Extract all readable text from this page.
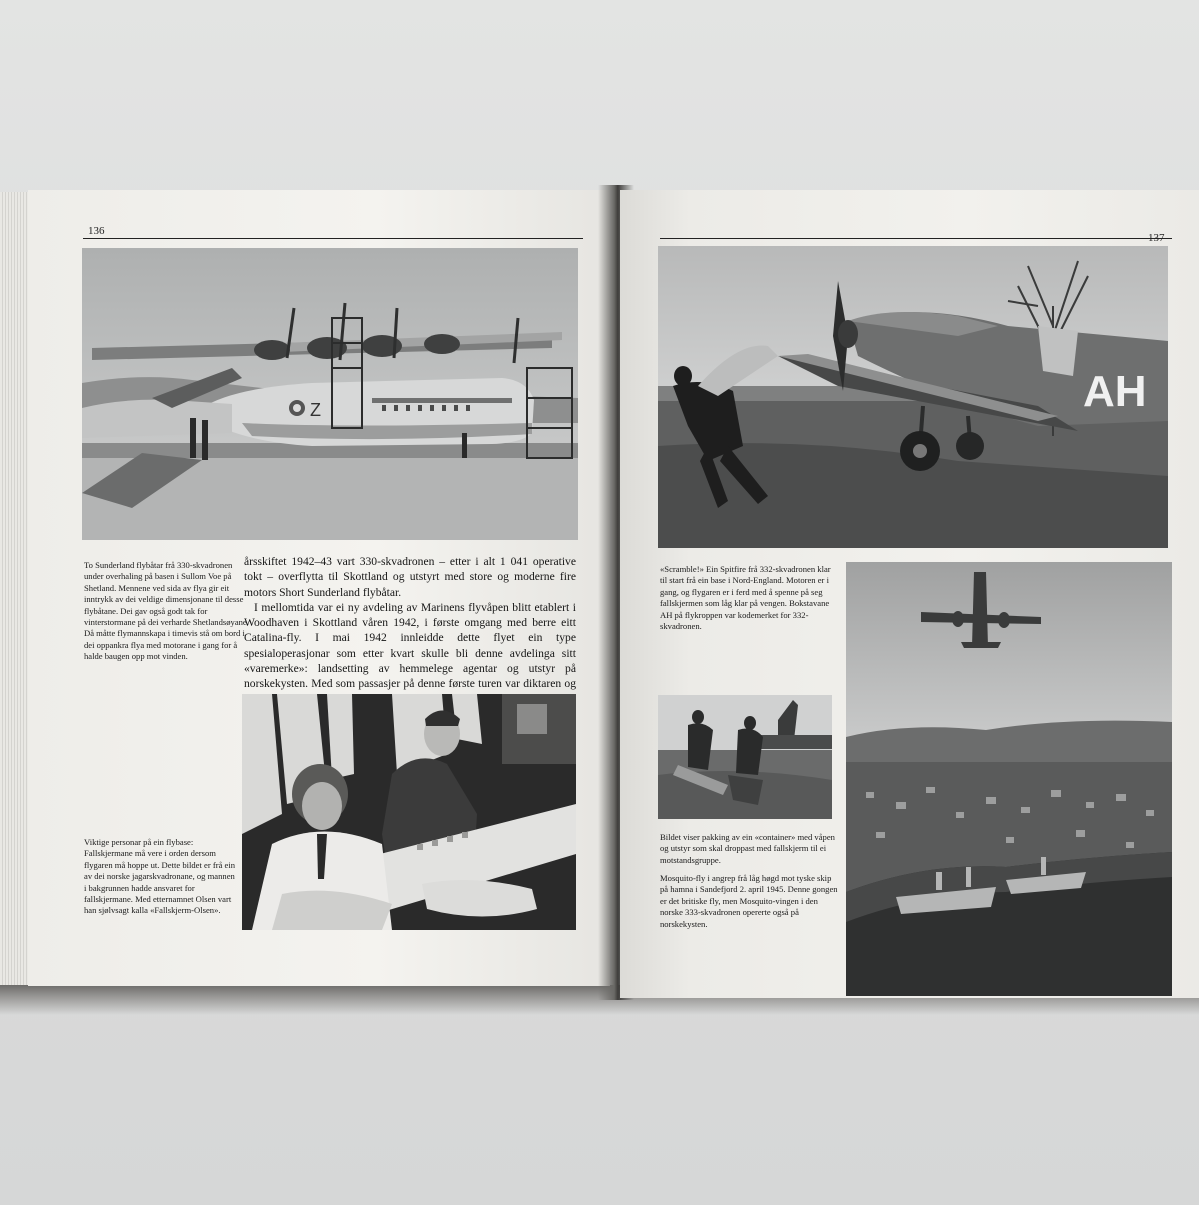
136
Z

To Sunderland flybåtar frå 330-skvadronen under overhaling på basen i Sullom Voe på Shetland. Mennene ved sida av flya gir eit inntrykk av dei veldige dimensjonane til desse flybåtane. Dei gav også godt tak for vinterstormane på dei verharde Shetlandsøyane. Då måtte flymannskapa i timevis stå om bord i dei oppankra flya med motorane i gang for å halde baugen opp mot vinden.

årsskiftet 1942–43 vart 330-skvadronen – etter i alt 1 041 operative tokt – overflytta til Skottland og utstyrt med store og moderne fire motors Short Sunderland flybåtar.

I mellomtida var ei ny avdeling av Marinens flyvåpen blitt etablert i Woodhaven i Skottland våren 1942, i første omgang med berre eitt Catalina-fly. I mai 1942 innleidde dette flyet ein type spesialoperasjonar som etter kvart skulle bli denne avdelinga sitt «varemerke»: landsetting av hemmelege agentar og utstyr på norskekysten. Med som passasjer på denne første turen var diktaren og

Viktige personar på ein flybase: Fallskjermane må vere i orden dersom flygaren må hoppe ut. Dette bildet er frå ein av dei norske jagarskvadronane, og mannen i bakgrunnen hadde ansvaret for fallskjermane. Med etternamnet Olsen vart han sjølvsagt kalla «Fallskjerm-Olsen».

137
AH

«Scramble!» Ein Spitfire frå 332-skvadronen klar til start frå ein base i Nord-England. Motoren er i gang, og flygaren er i ferd med å spenne på seg fallskjermen som låg klar på vengen. Bokstavane AH på flykroppen var kodemerket for 332-skvadronen.

Bildet viser pakking av ein «container» med våpen og utstyr som skal droppast med fallskjerm til ei motstandsgruppe.

Mosquito-fly i angrep frå låg høgd mot tyske skip på hamna i Sandefjord 2. april 1945. Denne gongen er det britiske fly, men Mosquito-vingen i den norske 333-skvadronen opererte også på norskekysten.
